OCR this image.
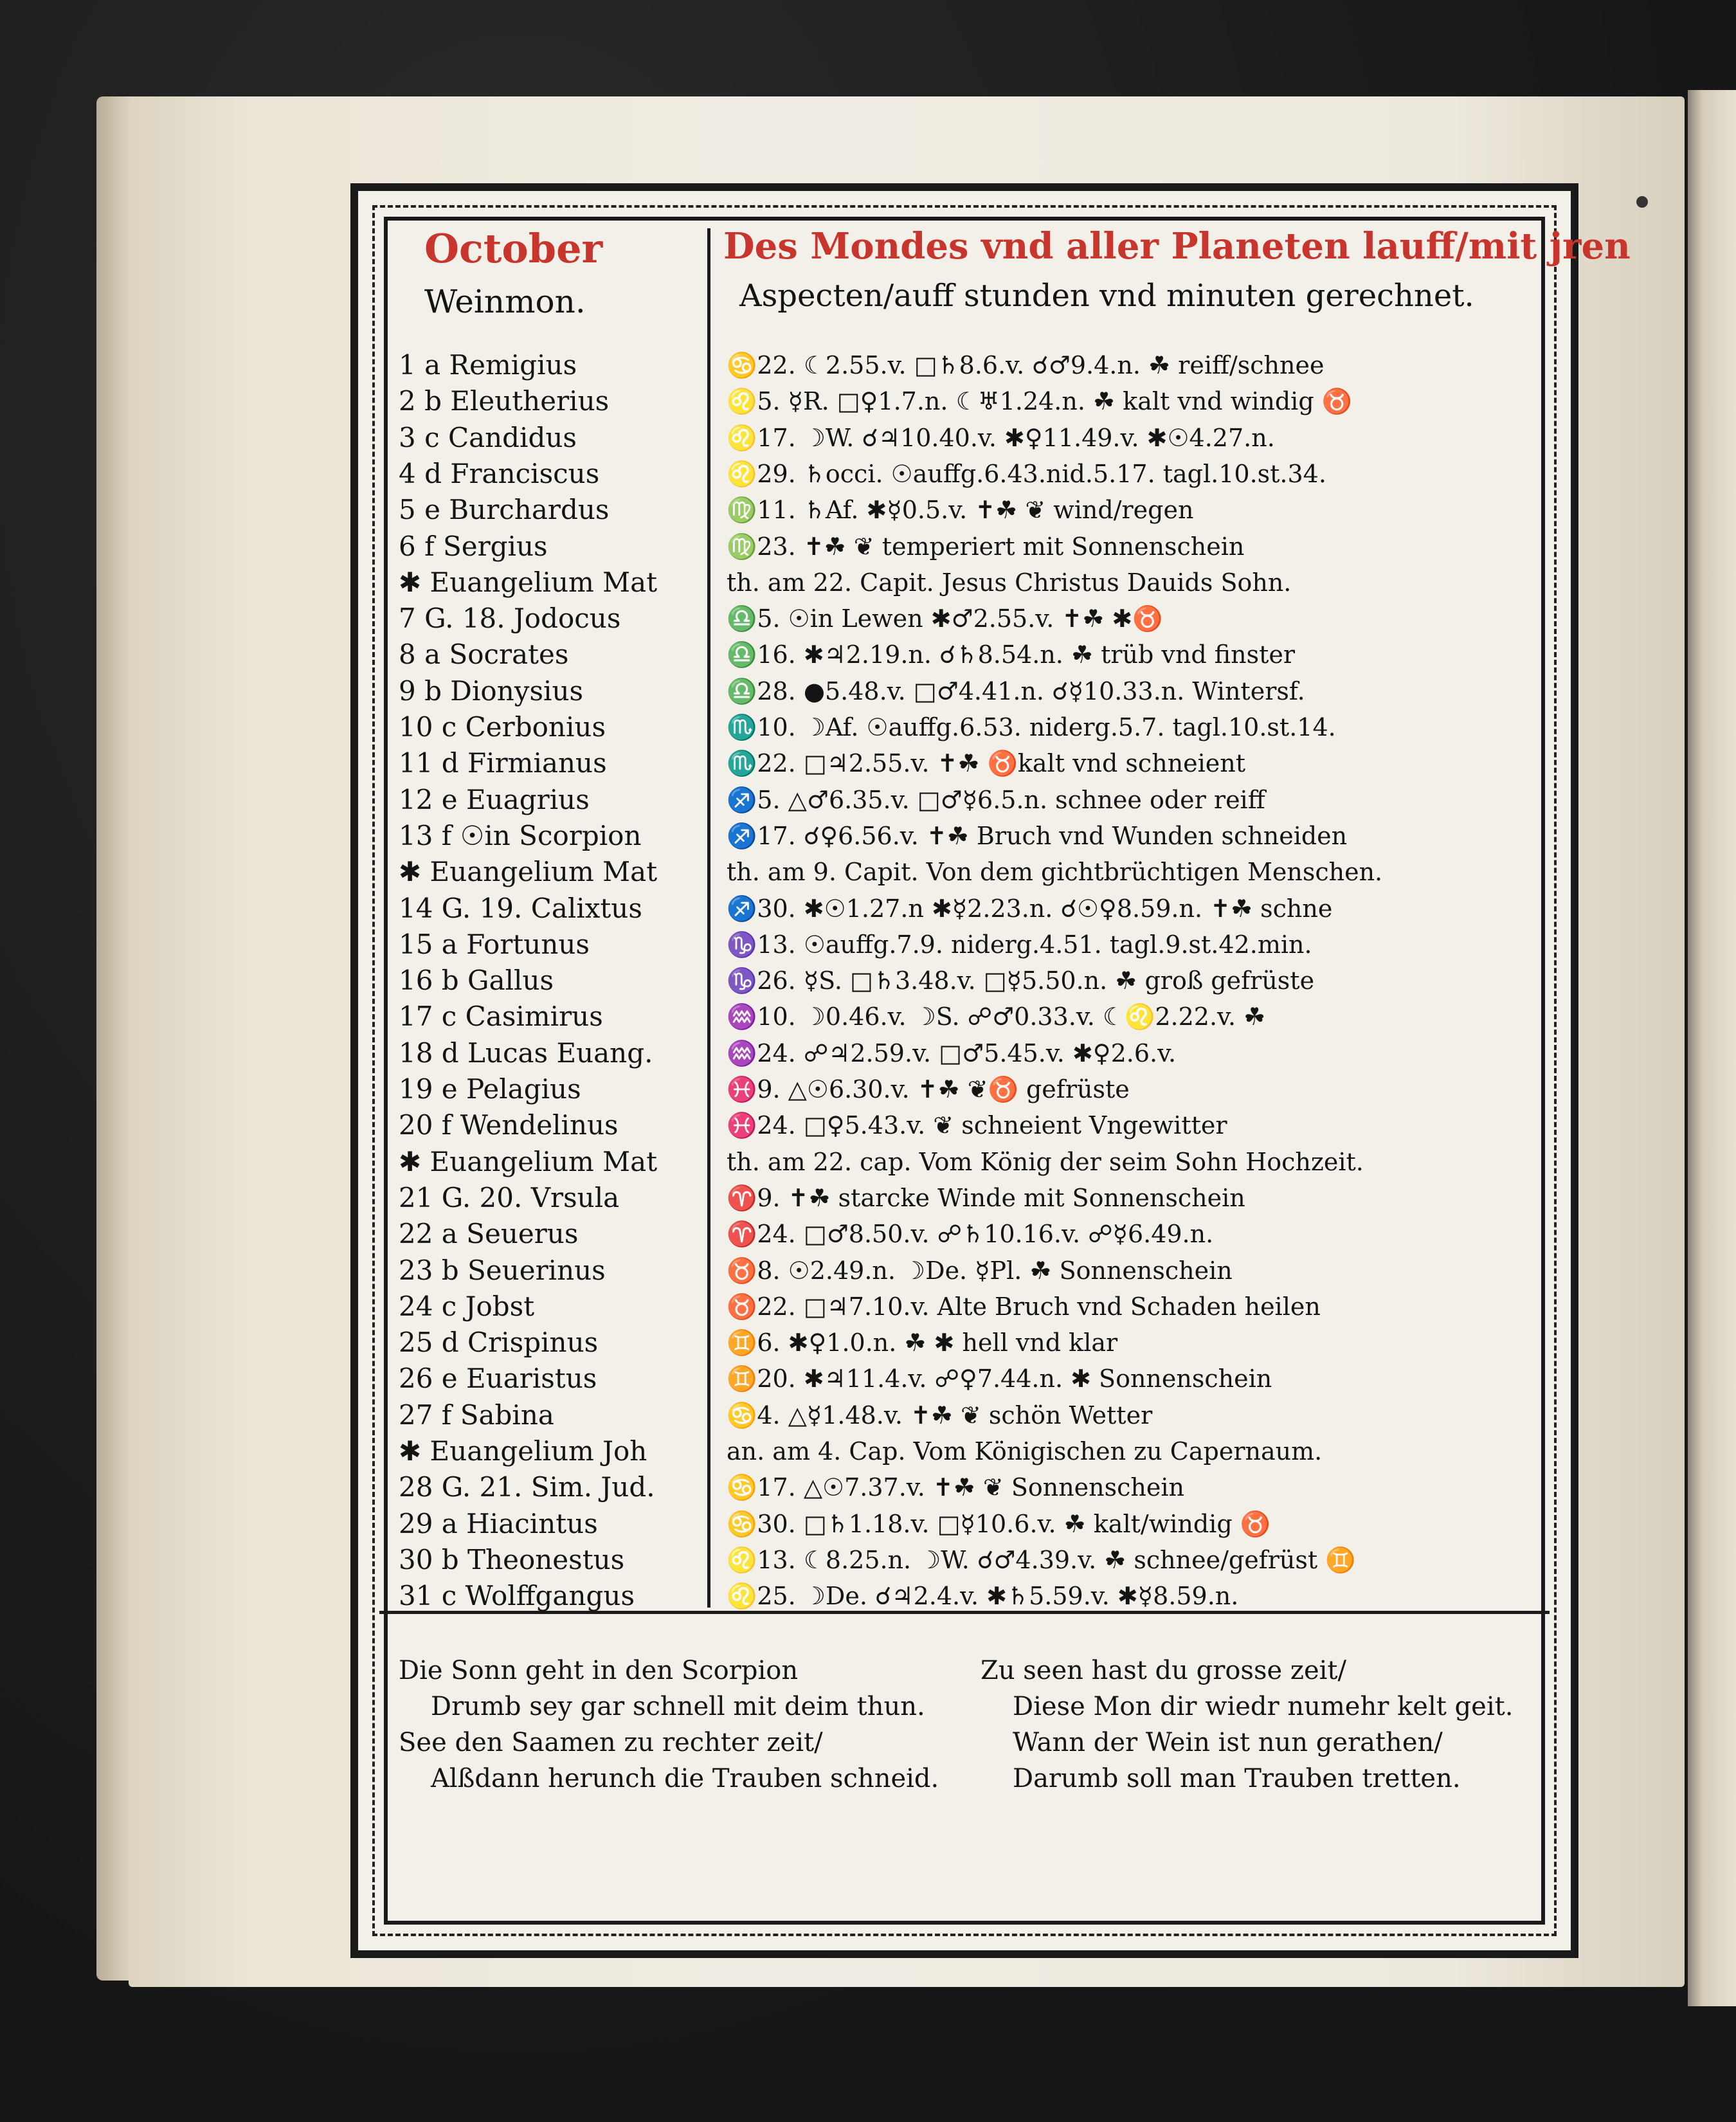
October
Weinmon.
Des Mondes vnd aller Planeten lauff/mit jren
Aspecten/auff stunden vnd minuten gerechnet.
1 a Remigius	♋22. ☾2.55.v. □♄8.6.v. ☌♂9.4.n. ☘ reiff/schnee
2 b Eleutherius	♌5. ☿R. □♀1.7.n. ☾♅1.24.n. ☘ kalt vnd windig ♉
3 c Candidus	♌17. ☽W. ☌♃10.40.v. ✱♀11.49.v. ✱☉4.27.n.
4 d Franciscus	♌29. ♄occi. ☉auffg.6.43.nid.5.17. tagl.10.st.34.
5 e Burchardus	♍11. ♄Af. ✱☿0.5.v. ✝☘ ❦ wind/regen
6 f Sergius	♍23. ✝☘ ❦ temperiert mit Sonnenschein
✱ Euangelium Mat	th. am 22. Capit. Jesus Christus Dauids Sohn.
7 G. 18. Jodocus	♎5. ☉in Lewen ✱♂2.55.v. ✝☘ ✱♉
8 a Socrates	♎16. ✱♃2.19.n. ☌♄8.54.n. ☘ trüb vnd finster
9 b Dionysius	♎28. ●5.48.v. □♂4.41.n. ☌☿10.33.n. Wintersf.
10 c Cerbonius	♏10. ☽Af. ☉auffg.6.53. niderg.5.7. tagl.10.st.14.
11 d Firmianus	♏22. □♃2.55.v. ✝☘ ♉kalt vnd schneient
12 e Euagrius	♐5. △♂6.35.v. □♂☿6.5.n. schnee oder reiff
13 f ☉in Scorpion	♐17. ☌♀6.56.v. ✝☘ Bruch vnd Wunden schneiden
✱ Euangelium Mat	th. am 9. Capit. Von dem gichtbrüchtigen Menschen.
14 G. 19. Calixtus	♐30. ✱☉1.27.n ✱☿2.23.n. ☌☉♀8.59.n. ✝☘ schne
15 a Fortunus	♑13. ☉auffg.7.9. niderg.4.51. tagl.9.st.42.min.
16 b Gallus	♑26. ☿S. □♄3.48.v. □☿5.50.n. ☘ groß gefrüste
17 c Casimirus	♒10. ☽0.46.v. ☽S. ☍♂0.33.v. ☾♌2.22.v. ☘
18 d Lucas Euang.	♒24. ☍♃2.59.v. □♂5.45.v. ✱♀2.6.v.
19 e Pelagius	♓9. △☉6.30.v. ✝☘ ❦♉ gefrüste
20 f Wendelinus	♓24. □♀5.43.v. ❦ schneient Vngewitter
✱ Euangelium Mat	th. am 22. cap. Vom König der seim Sohn Hochzeit.
21 G. 20. Vrsula	♈9. ✝☘ starcke Winde mit Sonnenschein
22 a Seuerus	♈24. □♂8.50.v. ☍♄10.16.v. ☍☿6.49.n.
23 b Seuerinus	♉8. ☉2.49.n. ☽De. ☿Pl. ☘ Sonnenschein
24 c Jobst	♉22. □♃7.10.v. Alte Bruch vnd Schaden heilen
25 d Crispinus	♊6. ✱♀1.0.n. ☘ ✱ hell vnd klar
26 e Euaristus	♊20. ✱♃11.4.v. ☍♀7.44.n. ✱ Sonnenschein
27 f Sabina	♋4. △☿1.48.v. ✝☘ ❦ schön Wetter
✱ Euangelium Joh	an. am 4. Cap. Vom Königischen zu Capernaum.
28 G. 21. Sim. Jud.	♋17. △☉7.37.v. ✝☘ ❦ Sonnenschein
29 a Hiacintus	♋30. □♄1.18.v. □☿10.6.v. ☘ kalt/windig ♉
30 b Theonestus	♌13. ☾8.25.n. ☽W. ☌♂4.39.v. ☘ schnee/gefrüst ♊
31 c Wolffgangus	♌25. ☽De. ☌♃2.4.v. ✱♄5.59.v. ✱☿8.59.n.
Die Sonn geht in den Scorpion
Drumb sey gar schnell mit deim thun.
See den Saamen zu rechter zeit/
Alßdann herunch die Trauben schneid.
Zu seen hast du grosse zeit/
Diese Mon dir wiedr numehr kelt geit.
Wann der Wein ist nun gerathen/
Darumb soll man Trauben tretten.
